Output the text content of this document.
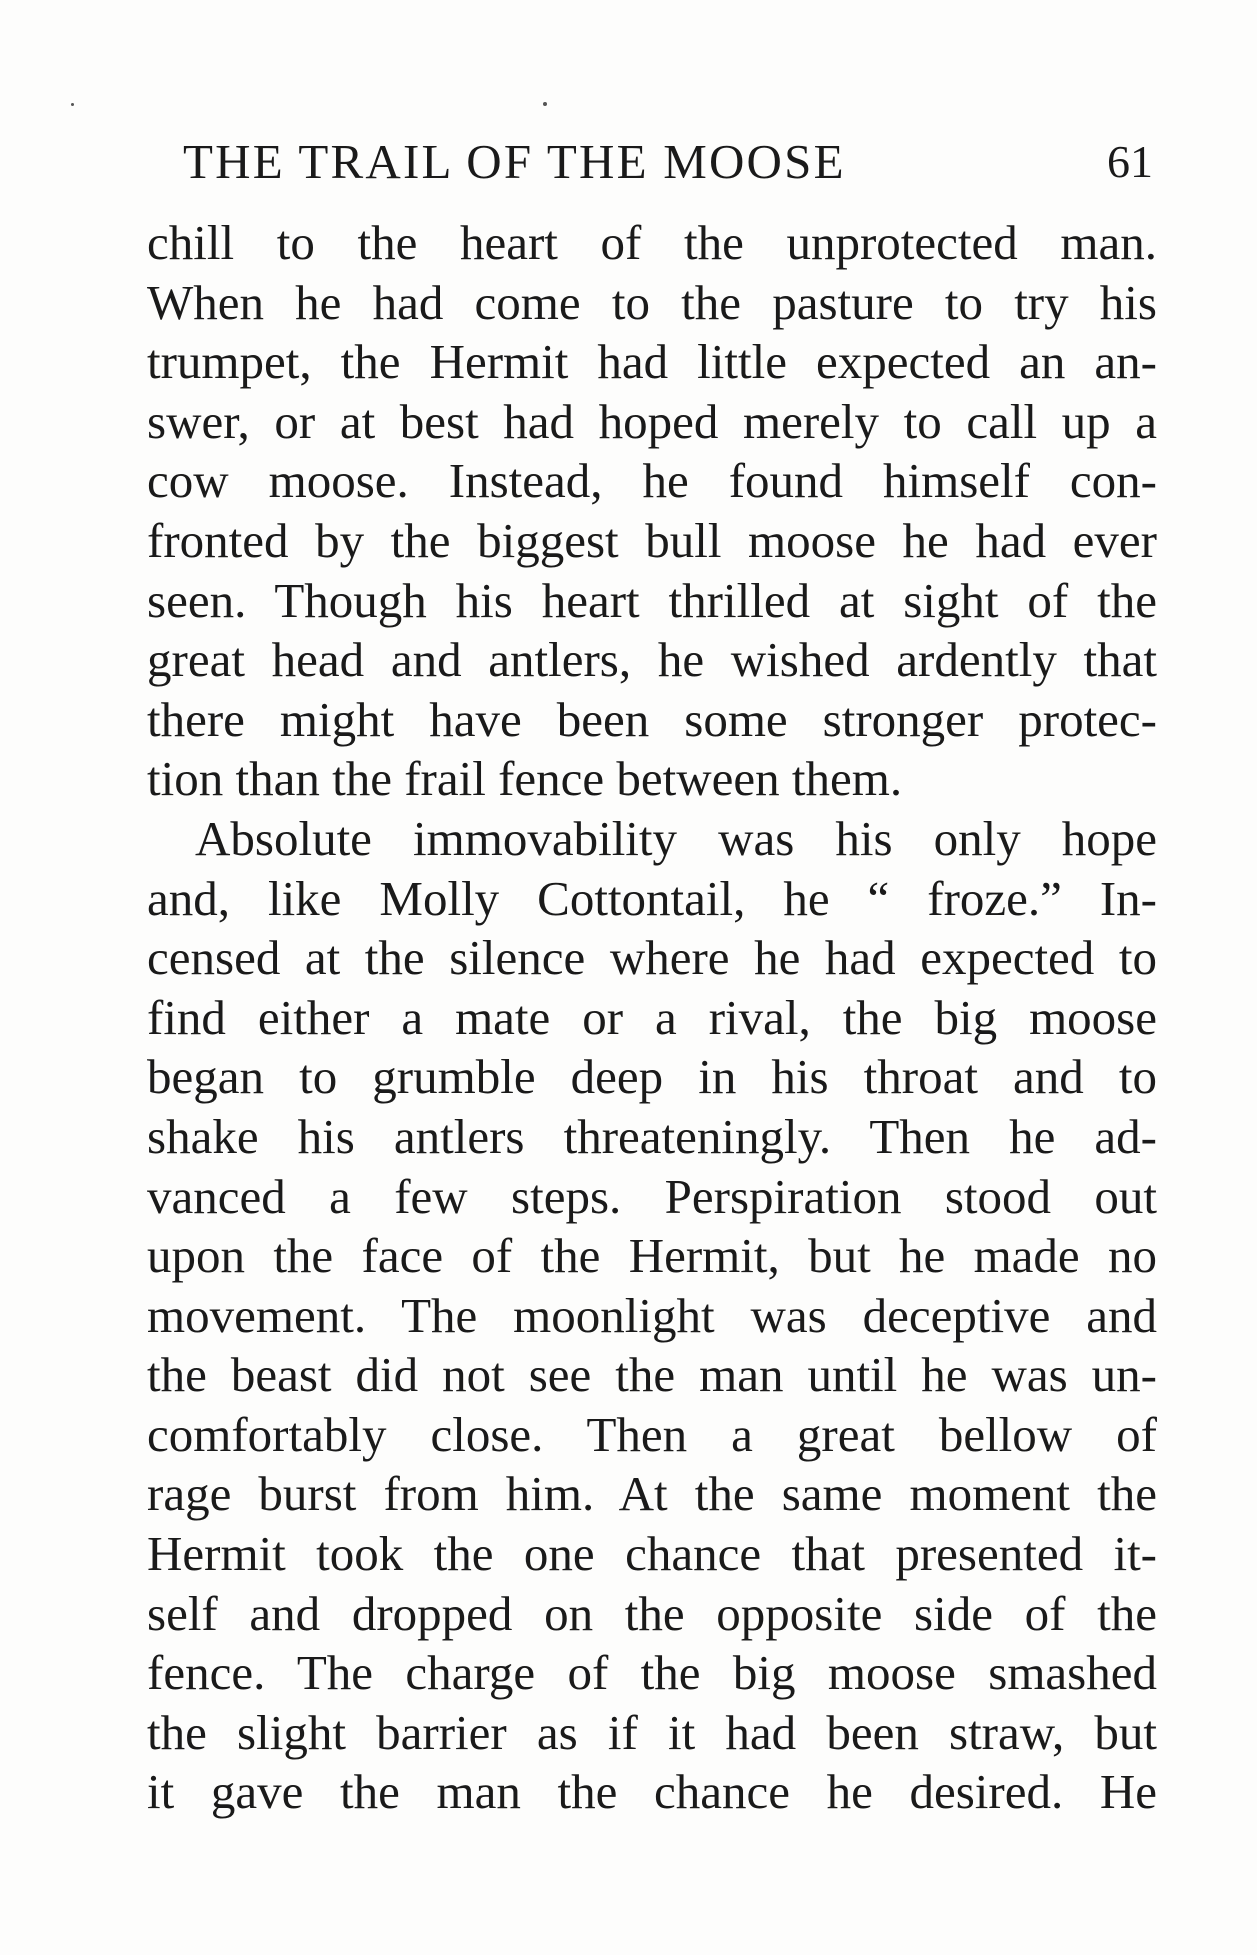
THE TRAIL OF THE MOOSE	61
chill to the heart of the unprotected man.
When he had come to the pasture to try his
trumpet, the Hermit had little expected an an-
swer, or at best had hoped merely to call up a
cow moose. Instead, he found himself con-
fronted by the biggest bull moose he had ever
seen. Though his heart thrilled at sight of the
great head and antlers, he wished ardently that
there might have been some stronger protec-
tion than the frail fence between them.
Absolute immovability was his only hope
and, like Molly Cottontail, he “ froze.” In-
censed at the silence where he had expected to
find either a mate or a rival, the big moose
began to grumble deep in his throat and to
shake his antlers threateningly. Then he ad-
vanced a few steps. Perspiration stood out
upon the face of the Hermit, but he made no
movement. The moonlight was deceptive and
the beast did not see the man until he was un-
comfortably close. Then a great bellow of
rage burst from him. At the same moment the
Hermit took the one chance that presented it-
self and dropped on the opposite side of the
fence. The charge of the big moose smashed
the slight barrier as if it had been straw, but
it gave the man the chance he desired. He
